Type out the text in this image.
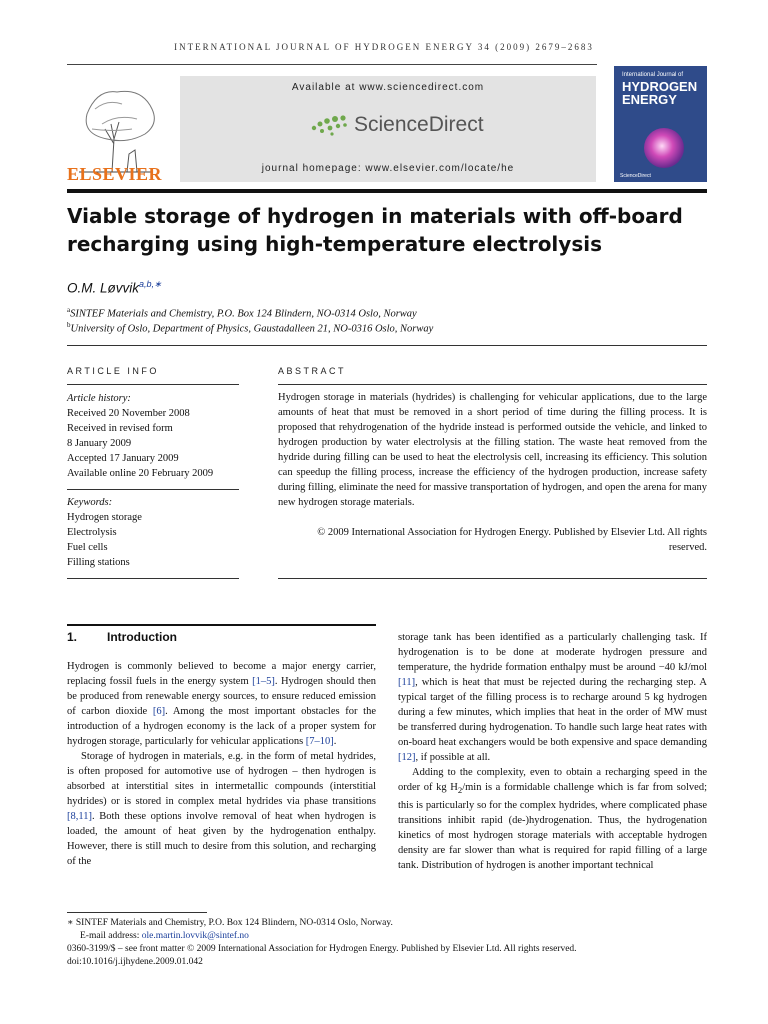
INTERNATIONAL JOURNAL OF HYDROGEN ENERGY 34 (2009) 2679–2683
ELSEVIER
Available at www.sciencedirect.com
ScienceDirect
journal homepage: www.elsevier.com/locate/he
International Journal of
HYDROGEN
ENERGY
ScienceDirect
Viable storage of hydrogen in materials with off-board recharging using high-temperature electrolysis
O.M. Løvvik$^{a,b,∗}$
$^a$SINTEF Materials and Chemistry, P.O. Box 124 Blindern, NO-0314 Oslo, Norway
$^b$University of Oslo, Department of Physics, Gaustadalleen 21, NO-0316 Oslo, Norway
ARTICLE INFO
Article history:
Received 20 November 2008
Received in revised form
8 January 2009
Accepted 17 January 2009
Available online 20 February 2009
Keywords:
Hydrogen storage
Electrolysis
Fuel cells
Filling stations
ABSTRACT
Hydrogen storage in materials (hydrides) is challenging for vehicular applications, due to the large amounts of heat that must be removed in a short period of time during the filling process. It is proposed that rehydrogenation of the hydride instead is performed outside the vehicle, and linked to hydrogen production by water electrolysis at the filling station. The waste heat removed from the hydride during filling can be used to heat the electrolysis cell, increasing its efficiency. This solution can speedup the filling process, increase the efficiency of the hydrogen production, increase safety during filling, eliminate the need for massive transportation of hydrogen, and open the arena for many new hydrogen storage materials.
© 2009 International Association for Hydrogen Energy. Published by Elsevier Ltd. All rights reserved.
1. Introduction

Hydrogen is commonly believed to become a major energy carrier, replacing fossil fuels in the energy system [1–5]. Hydrogen should then be produced from renewable energy sources, to ensure reduced emission of carbon dioxide [6]. Among the most important obstacles for the introduction of a hydrogen economy is the lack of a proper system for hydrogen storage, particularly for vehicular applications [7–10].

Storage of hydrogen in materials, e.g. in the form of metal hydrides, is often proposed for automotive use of hydrogen – then hydrogen is absorbed at interstitial sites in intermetallic compounds (interstitial hydrides) or is stored in complex metal hydrides via phase transitions [8,11]. Both these options involve removal of heat when hydrogen is loaded, the amount of heat given by the hydrogenation enthalpy. However, there is still much to desire from this solution, and recharging of the

storage tank has been identified as a particularly challenging task. If hydrogenation is to be done at moderate hydrogen pressure and temperature, the hydride formation enthalpy must be around −40 kJ/mol [11], which is heat that must be rejected during the recharging step. A typical target of the filling process is to recharge around 5 kg hydrogen during a few minutes, which implies that heat in the order of MW must be transferred during hydrogenation. To handle such large heat rates with on-board heat exchangers would be both expensive and space demanding [12], if possible at all.

Adding to the complexity, even to obtain a recharging speed in the order of kg $H_2/\min$ is a formidable challenge which is far from solved; this is particularly so for the complex hydrides, where complicated phase transitions inhibit rapid (de-)hydrogenation. Thus, the hydrogenation kinetics of most hydrogen storage materials with acceptable hydrogen density are far slower than what is required for rapid filling of a large tank. Distribution of hydrogen is another important technical

∗ SINTEF Materials and Chemistry, P.O. Box 124 Blindern, NO-0314 Oslo, Norway.
E-mail address: ole.martin.lovvik@sintef.no
0360-3199/$ – see front matter © 2009 International Association for Hydrogen Energy. Published by Elsevier Ltd. All rights reserved.
doi:10.1016/j.ijhydene.2009.01.042
